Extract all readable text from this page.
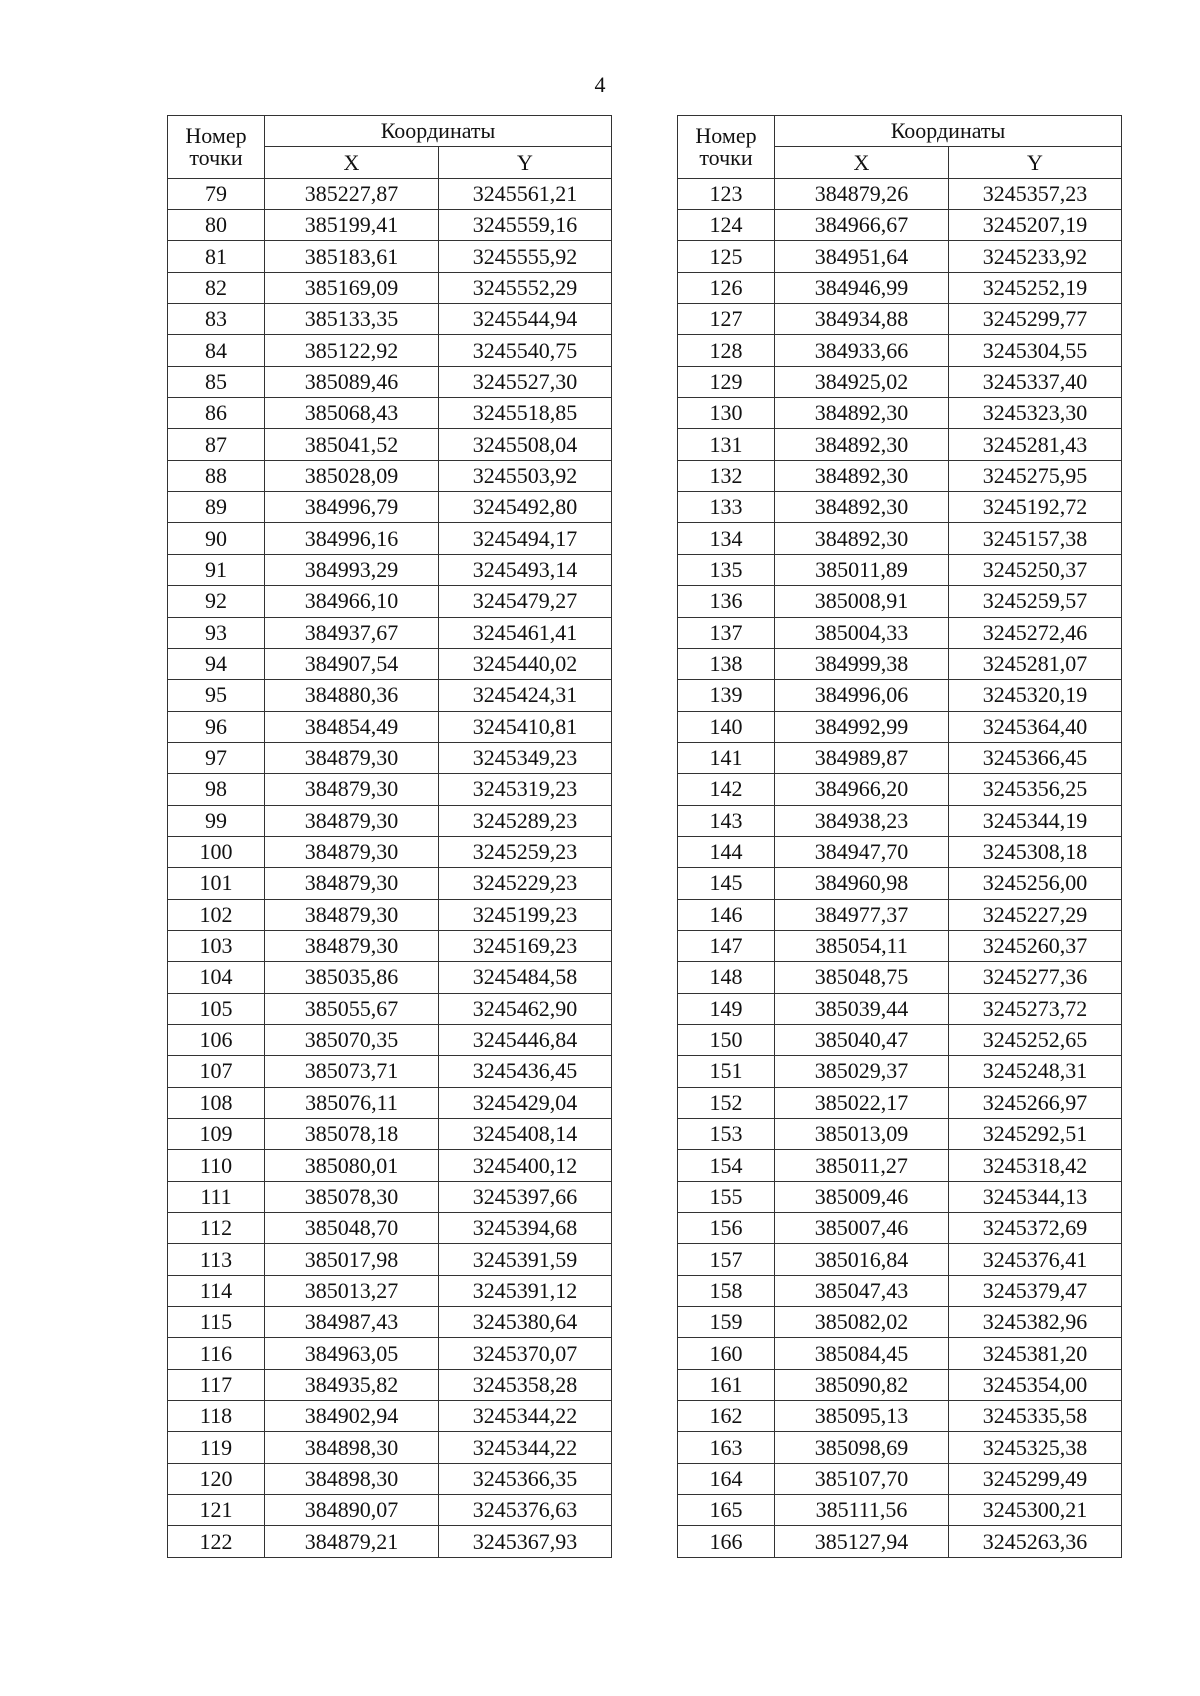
4
Номер
точки	Координаты	
	X	Y
79	385227,87	3245561,21
80	385199,41	3245559,16
81	385183,61	3245555,92
82	385169,09	3245552,29
83	385133,35	3245544,94
84	385122,92	3245540,75
85	385089,46	3245527,30
86	385068,43	3245518,85
87	385041,52	3245508,04
88	385028,09	3245503,92
89	384996,79	3245492,80
90	384996,16	3245494,17
91	384993,29	3245493,14
92	384966,10	3245479,27
93	384937,67	3245461,41
94	384907,54	3245440,02
95	384880,36	3245424,31
96	384854,49	3245410,81
97	384879,30	3245349,23
98	384879,30	3245319,23
99	384879,30	3245289,23
100	384879,30	3245259,23
101	384879,30	3245229,23
102	384879,30	3245199,23
103	384879,30	3245169,23
104	385035,86	3245484,58
105	385055,67	3245462,90
106	385070,35	3245446,84
107	385073,71	3245436,45
108	385076,11	3245429,04
109	385078,18	3245408,14
110	385080,01	3245400,12
111	385078,30	3245397,66
112	385048,70	3245394,68
113	385017,98	3245391,59
114	385013,27	3245391,12
115	384987,43	3245380,64
116	384963,05	3245370,07
117	384935,82	3245358,28
118	384902,94	3245344,22
119	384898,30	3245344,22
120	384898,30	3245366,35
121	384890,07	3245376,63
122	384879,21	3245367,93
Номер
точки	Координаты	
	X	Y
123	384879,26	3245357,23
124	384966,67	3245207,19
125	384951,64	3245233,92
126	384946,99	3245252,19
127	384934,88	3245299,77
128	384933,66	3245304,55
129	384925,02	3245337,40
130	384892,30	3245323,30
131	384892,30	3245281,43
132	384892,30	3245275,95
133	384892,30	3245192,72
134	384892,30	3245157,38
135	385011,89	3245250,37
136	385008,91	3245259,57
137	385004,33	3245272,46
138	384999,38	3245281,07
139	384996,06	3245320,19
140	384992,99	3245364,40
141	384989,87	3245366,45
142	384966,20	3245356,25
143	384938,23	3245344,19
144	384947,70	3245308,18
145	384960,98	3245256,00
146	384977,37	3245227,29
147	385054,11	3245260,37
148	385048,75	3245277,36
149	385039,44	3245273,72
150	385040,47	3245252,65
151	385029,37	3245248,31
152	385022,17	3245266,97
153	385013,09	3245292,51
154	385011,27	3245318,42
155	385009,46	3245344,13
156	385007,46	3245372,69
157	385016,84	3245376,41
158	385047,43	3245379,47
159	385082,02	3245382,96
160	385084,45	3245381,20
161	385090,82	3245354,00
162	385095,13	3245335,58
163	385098,69	3245325,38
164	385107,70	3245299,49
165	385111,56	3245300,21
166	385127,94	3245263,36
